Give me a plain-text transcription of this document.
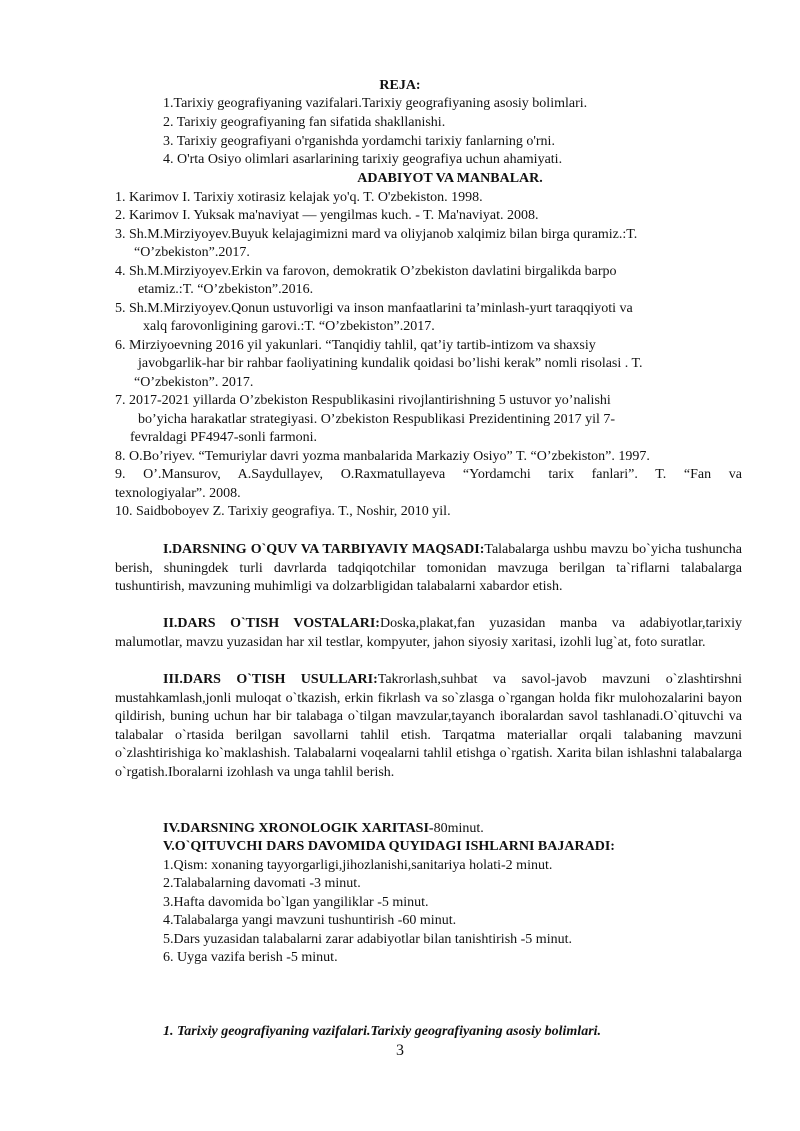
REJA:
1.Tarixiy geografiyaning vazifalari.Tarixiy geografiyaning asosiy bolimlari.
2. Tarixiy geografiyaning fan sifatida shakllanishi.
3. Tarixiy geografiyani o'rganishda yordamchi tarixiy fanlarning o'rni.
4. O'rta Osiyo olimlari asarlarining tarixiy geografiya uchun ahamiyati.
ADABIYOT VA MANBALAR.
1. Karimov I. Tarixiy xotirasiz kelajak yo'q. T. O'zbekiston. 1998.
2. Karimov I. Yuksak ma'naviyat — yengilmas kuch. - T. Ma'naviyat. 2008.
3. Sh.M.Mirziyoyev.Buyuk kelajagimizni mard va oliyjanob xalqimiz bilan birga quramiz.:T.
“O’zbekiston”.2017.
4. Sh.M.Mirziyoyev.Erkin va farovon, demokratik O’zbekiston davlatini birgalikda barpo
etamiz.:T. “O’zbekiston”.2016.
5. Sh.M.Mirziyoyev.Qonun ustuvorligi va inson manfaatlarini ta’minlash-yurt taraqqiyoti va
xalq farovonligining garovi.:T. “O’zbekiston”.2017.
6. Mirziyoevning 2016 yil yakunlari. “Tanqidiy tahlil, qat’iy tartib-intizom va shaxsiy
javobgarlik-har bir rahbar faoliyatining kundalik qoidasi bo’lishi kerak” nomli risolasi . T.
“O’zbekiston”. 2017.
7. 2017-2021 yillarda O’zbekiston Respublikasini rivojlantirishning 5 ustuvor yo’nalishi
bo’yicha harakatlar strategiyasi. O’zbekiston Respublikasi Prezidentining 2017 yil 7-
fevraldagi PF4947-sonli farmoni.
8. O.Bo’riyev. “Temuriylar davri yozma manbalarida Markaziy Osiyo” T. “O’zbekiston”. 1997.
9. O’.Mansurov, A.Saydullayev, O.Raxmatullayeva “Yordamchi tarix fanlari”. T. “Fan va
texnologiyalar”. 2008.
10. Saidboboyev Z. Tarixiy geografiya. T., Noshir, 2010 yil.
I.DARSNING O`QUV VA TARBIYAVIY MAQSADI:Talabalarga ushbu mavzu bo`yicha tushuncha berish, shuningdek turli davrlarda tadqiqotchilar tomonidan mavzuga berilgan ta`riflarni talabalarga tushuntirish, mavzuning muhimligi va dolzarbligidan talabalarni xabardor etish.
II.DARS O`TISH VOSTALARI:Doska,plakat,fan yuzasidan manba va adabiyotlar,tarixiy malumotlar, mavzu yuzasidan har xil testlar, kompyuter, jahon siyosiy xaritasi, izohli lug`at, foto suratlar.
III.DARS O`TISH USULLARI:Takrorlash,suhbat va savol-javob mavzuni o`zlashtirshni mustahkamlash,jonli muloqat o`tkazish, erkin fikrlash va so`zlasga o`rgangan holda fikr mulohozalarini bayon qildirish, buning uchun har bir talabaga o`tilgan mavzular,tayanch iboralardan savol tashlanadi.O`qituvchi va talabalar o`rtasida berilgan savollarni tahlil etish. Tarqatma materiallar orqali talabaning mavzuni o`zlashtirishiga ko`maklashish. Talabalarni voqealarni tahlil etishga o`rgatish. Xarita bilan ishlashni talabalarga o`rgatish.Iboralarni izohlash va unga tahlil berish.
IV.DARSNING XRONOLOGIK XARITASI-80minut.
V.O`QITUVCHI DARS DAVOMIDA QUYIDAGI ISHLARNI BAJARADI:
1.Qism: xonaning tayyorgarligi,jihozlanishi,sanitariya holati-2 minut.
2.Talabalarning davomati -3 minut.
3.Hafta davomida bo`lgan yangiliklar -5 minut.
4.Talabalarga yangi mavzuni tushuntirish -60 minut.
5.Dars yuzasidan talabalarni zarar adabiyotlar bilan tanishtirish -5 minut.
6. Uyga vazifa berish -5 minut.
1. Tarixiy geografiyaning vazifalari.Tarixiy geografiyaning asosiy bolimlari.
3
